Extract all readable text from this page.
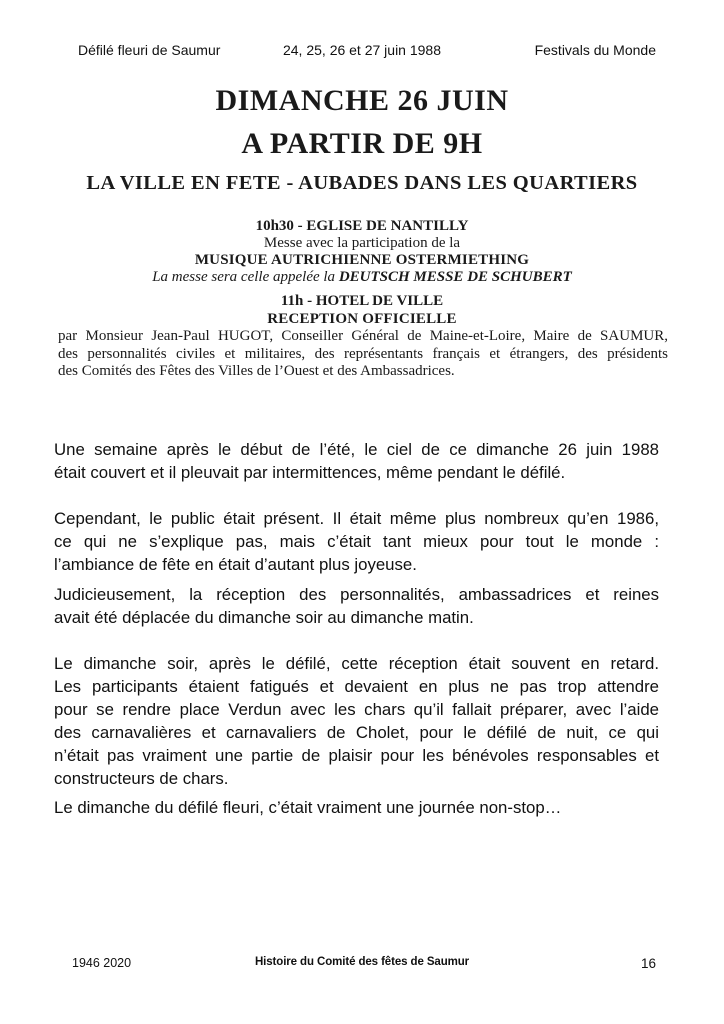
Défilé fleuri de Saumur	24, 25, 26 et 27 juin 1988	Festivals du Monde
DIMANCHE 26 JUIN
A PARTIR DE 9H
LA VILLE EN FETE - AUBADES DANS LES QUARTIERS
10h30 - EGLISE DE NANTILLY
Messe avec la participation de la
MUSIQUE AUTRICHIENNE OSTERMIETHING
La messe sera celle appelée la DEUTSCH MESSE DE SCHUBERT
11h - HOTEL DE VILLE
RECEPTION OFFICIELLE
par Monsieur Jean-Paul HUGOT, Conseiller Général de Maine-et-Loire, Maire de SAUMUR,
des personnalités civiles et militaires, des représentants français et étrangers, des présidents
des Comités des Fêtes des Villes de l’Ouest et des Ambassadrices.
Une semaine après le début de l’été, le ciel de ce dimanche 26 juin 1988
était couvert et il pleuvait par intermittences, même pendant le défilé.
Cependant, le public était présent. Il était même plus nombreux qu’en 1986,
ce qui ne s’explique pas, mais c’était tant mieux pour tout le monde :
l’ambiance de fête en était d’autant plus joyeuse.
Judicieusement, la réception des personnalités, ambassadrices et reines
avait été déplacée du dimanche soir au dimanche matin.
Le dimanche soir, après le défilé, cette réception était souvent en retard.
Les participants étaient fatigués et devaient en plus ne pas trop attendre
pour se rendre place Verdun avec les chars qu’il fallait préparer, avec l’aide
des carnavalières et carnavaliers de Cholet, pour le défilé de nuit, ce qui
n’était pas vraiment une partie de plaisir pour les bénévoles responsables et
constructeurs de chars.
Le dimanche du défilé fleuri, c’était vraiment une journée non-stop…
1946 2020	Histoire du Comité des fêtes de Saumur	16
